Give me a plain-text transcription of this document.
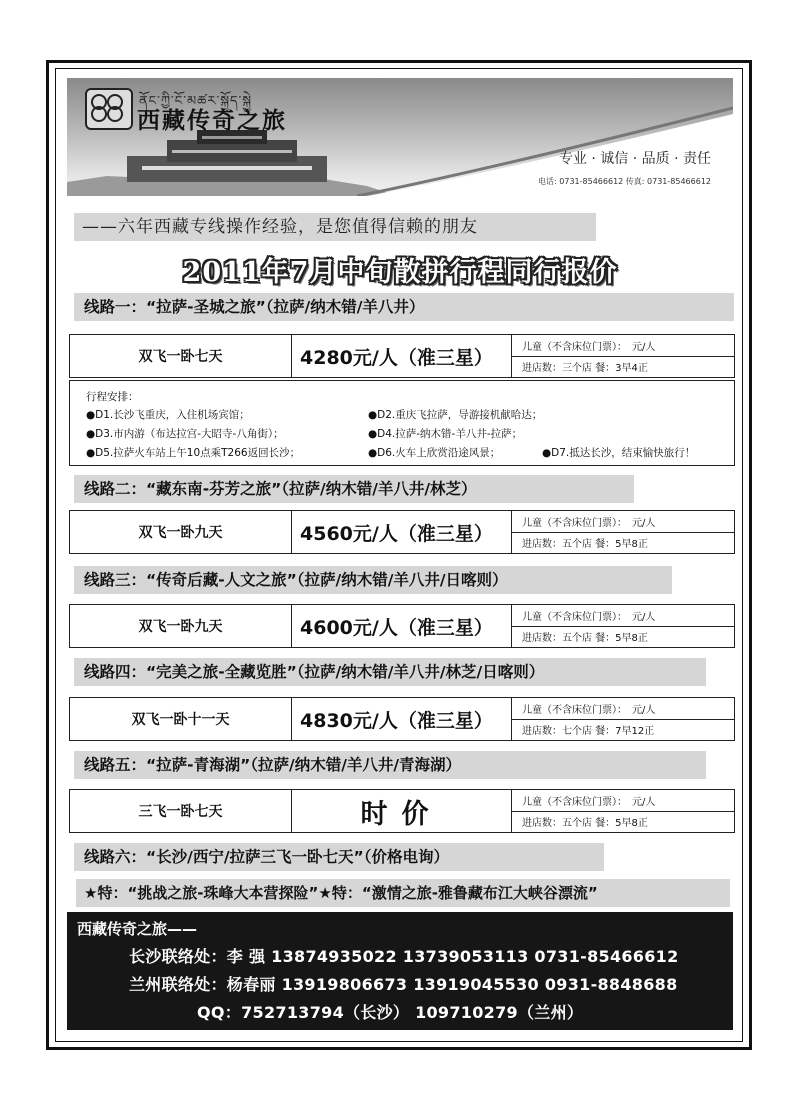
ནོང་ཀྱི་ངོ་མཚར་སྐྱོད་སྐྱེ
西藏传奇之旅
专业 · 诚信 · 品质 · 责任
电话: 0731-85466612 传真: 0731-85466612
——六年西藏专线操作经验，是您值得信赖的朋友
2011年7月中旬散拼行程同行报价
线路一：“拉萨-圣城之旅”（拉萨/纳木错/羊八井）
双飞一卧七天	4280元/人（准三星）	儿童（不含床位门票）：　元/人
进店数：三个店 餐：3早4正
行程安排：
●D1.长沙飞重庆，入住机场宾馆；	●D2.重庆飞拉萨，导游接机献哈达；
●D3.市内游（布达拉宫-大昭寺-八角街）；	●D4.拉萨-纳木错-羊八井-拉萨；
●D5.拉萨火车站上午10点乘T266返回长沙；	●D6.火车上欣赏沿途风景；	●D7.抵达长沙，结束愉快旅行！
线路二：“藏东南-芬芳之旅”（拉萨/纳木错/羊八井/林芝）
双飞一卧九天	4560元/人（准三星）	儿童（不含床位门票）：　元/人
进店数：五个店 餐：5早8正
线路三：“传奇后藏-人文之旅”（拉萨/纳木错/羊八井/日喀则）
双飞一卧九天	4600元/人（准三星）	儿童（不含床位门票）：　元/人
进店数：五个店 餐：5早8正
线路四：“完美之旅-全藏览胜”（拉萨/纳木错/羊八井/林芝/日喀则）
双飞一卧十一天	4830元/人（准三星）	儿童（不含床位门票）：　元/人
进店数：七个店 餐：7早12正
线路五：“拉萨-青海湖”（拉萨/纳木错/羊八井/青海湖）
三飞一卧七天	时价	儿童（不含床位门票）：　元/人
进店数：五个店 餐：5早8正
线路六：“长沙/西宁/拉萨三飞一卧七天”（价格电询）
★特：“挑战之旅-珠峰大本营探险”★特：“激情之旅-雅鲁藏布江大峡谷漂流”
西藏传奇之旅——
长沙联络处：李 强 13874935022 13739053113 0731-85466612
兰州联络处：杨春丽 13919806673 13919045530 0931-8848688
QQ：752713794（长沙） 109710279（兰州）
